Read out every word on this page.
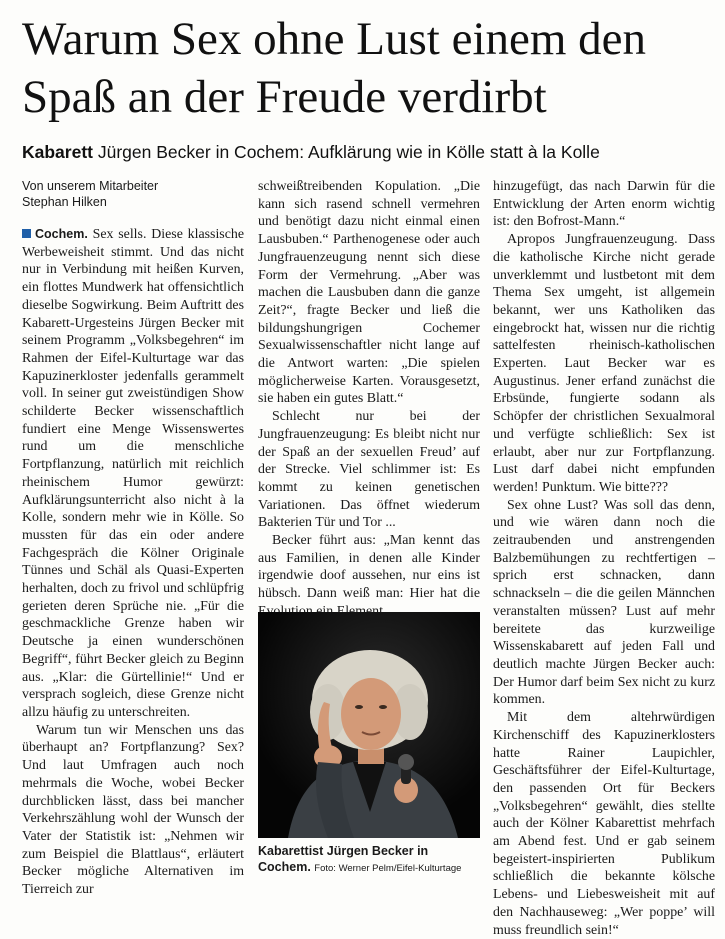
Warum Sex ohne Lust einem den
Spaß an der Freude verdirbt
Kabarett Jürgen Becker in Cochem: Aufklärung wie in Kölle statt à la Kolle
Von unserem Mitarbeiter
Stephan Hilken

Cochem. Sex sells. Diese klassische Werbeweisheit stimmt. Und das nicht nur in Verbindung mit heißen Kurven, ein flottes Mundwerk hat offensichtlich dieselbe Sogwirkung. Beim Auftritt des Kabarett-Urgesteins Jürgen Becker mit seinem Programm „Volksbegehren“ im Rahmen der Eifel-Kulturtage war das Kapuzinerkloster jedenfalls gerammelt voll. In seiner gut zweistündigen Show schilderte Becker wissenschaftlich fundiert eine Menge Wissenswertes rund um die menschliche Fortpflanzung, natürlich mit reichlich rheinischem Humor gewürzt: Aufklärungsunterricht also nicht à la Kolle, sondern mehr wie in Kölle. So mussten für das ein oder andere Fachgespräch die Kölner Originale Tünnes und Schäl als Quasi-Experten herhalten, doch zu frivol und schlüpfrig gerieten deren Sprüche nie. „Für die geschmackliche Grenze haben wir Deutsche ja einen wunderschönen Begriff“, führt Becker gleich zu Beginn aus. „Klar: die Gürtellinie!“ Und er versprach sogleich, diese Grenze nicht allzu häufig zu unterschreiten.

Warum tun wir Menschen uns das überhaupt an? Fortpflanzung? Sex? Und laut Umfragen auch noch mehrmals die Woche, wobei Becker durchblicken lässt, dass bei mancher Verkehrszählung wohl der Wunsch der Vater der Statistik ist: „Nehmen wir zum Beispiel die Blattlaus“, erläutert Becker mögliche Alternativen im Tierreich zur

schweißtreibenden Kopulation. „Die kann sich rasend schnell vermehren und benötigt dazu nicht einmal einen Lausbuben.“ Parthenogenese oder auch Jungfrauenzeugung nennt sich diese Form der Vermehrung. „Aber was machen die Lausbuben dann die ganze Zeit?“, fragte Becker und ließ die bildungshungrigen Cochemer Sexualwissenschaftler nicht lange auf die Antwort warten: „Die spielen möglicherweise Karten. Vorausgesetzt, sie haben ein gutes Blatt.“

Schlecht nur bei der Jungfrauenzeugung: Es bleibt nicht nur der Spaß an der sexuellen Freud’ auf der Strecke. Viel schlimmer ist: Es kommt zu keinen genetischen Variationen. Das öffnet wiederum Bakterien Tür und Tor ...

Becker führt aus: „Man kennt das aus Familien, in denen alle Kinder irgendwie doof aussehen, nur eins ist hübsch. Dann weiß man: Hier hat die

Kabarettist Jürgen Becker in Cochem. Foto: Werner Pelm/Eifel-Kulturtage

hinzugefügt, das nach Darwin für die Entwicklung der Arten enorm wichtig ist: den Bofrost-Mann.“

Apropos Jungfrauenzeugung. Dass die katholische Kirche nicht gerade unverklemmt und lustbetont mit dem Thema Sex umgeht, ist allgemein bekannt, wer uns Katholiken das eingebrockt hat, wissen nur die richtig sattelfesten rheinisch-katholischen Experten. Laut Becker war es Augustinus. Jener erfand zunächst die Erbsünde, fungierte sodann als Schöpfer der christlichen Sexualmoral und verfügte schließlich: Sex ist erlaubt, aber nur zur Fortpflanzung. Lust darf dabei nicht empfunden werden! Punktum. Wie bitte???

Sex ohne Lust? Was soll das denn, und wie wären dann noch die zeitraubenden und anstrengenden Balzbemühungen zu rechtfertigen – sprich erst schnacken, dann schnackseln – die die geilen Männchen veranstalten müssen? Lust auf mehr bereitete das kurzweilige Wissenskabarett auf jeden Fall und deutlich machte Jürgen Becker auch: Der Humor darf beim Sex nicht zu kurz kommen.

Mit dem altehrwürdigen Kirchenschiff des Kapuzinerklosters hatte Rainer Laupichler, Geschäftsführer der Eifel-Kulturtage, den passenden Ort für Beckers „Volksbegehren“ gewählt, dies stellte auch der Kölner Kabarettist mehrfach am Abend fest. Und er gab seinem begeistert-inspirierten Publikum schließlich die bekannte kölsche Lebens- und Liebesweisheit mit auf den Nachhauseweg: „Wer poppe’ will muss freundlich sein!“
